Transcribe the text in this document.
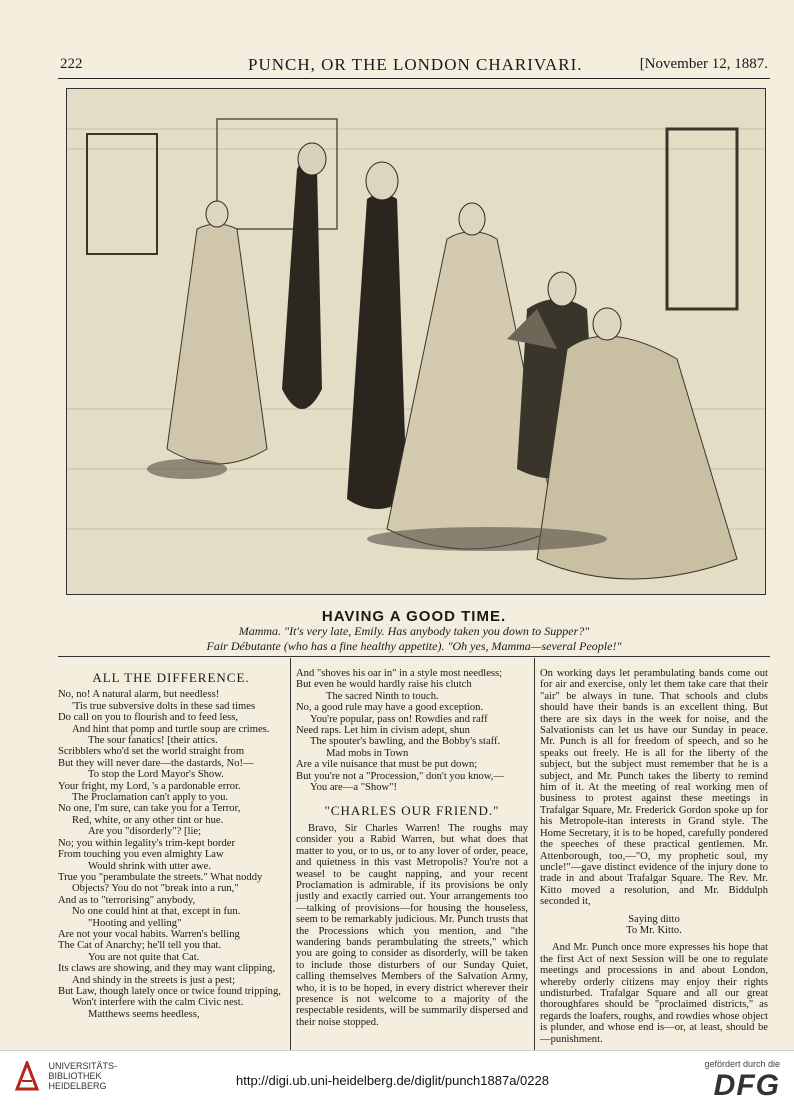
222	PUNCH, OR THE LONDON CHARIVARI.	[November 12, 1887.
HAVING A GOOD TIME.
Mamma. "It's very late, Emily. Has anybody taken you down to Supper?"
Fair Débutante (who has a fine healthy appetite). "Oh yes, Mamma—several People!"

ALL THE DIFFERENCE.

No, no! A natural alarm, but needless!

'Tis true subversive dolts in these sad times

Do call on you to flourish and to feed less,

And hint that pomp and turtle soup are crimes.

The sour fanatics! [their attics.

Scribblers who'd set the world straight from

But they will never dare—the dastards, No!—

To stop the Lord Mayor's Show.

Your fright, my Lord, 's a pardonable error.

The Proclamation can't apply to you.

No one, I'm sure, can take you for a Terror,

Red, white, or any other tint or hue.

Are you "disorderly"? [lie;

No; you within legality's trim-kept border

From touching you even almighty Law

Would shrink with utter awe.

True you "perambulate the streets." What noddy

Objects? You do not "break into a run,"

And as to "terrorising" anybody,

No one could hint at that, except in fun.

"Hooting and yelling"

Are not your vocal habits. Warren's belling

The Cat of Anarchy; he'll tell you that.

You are not quite that Cat.

Its claws are showing, and they may want clipping,

And shindy in the streets is just a pest;

But Law, though lately once or twice found tripping,

Won't interfere with the calm Civic nest.

Matthews seems heedless,

And "shoves his oar in" in a style most needless;

But even he would hardly raise his clutch

The sacred Ninth to touch.

No, a good rule may have a good exception.

You're popular, pass on! Rowdies and raff

Need raps. Let him in civism adept, shun

The spouter's bawling, and the Bobby's staff.

Mad mobs in Town

Are a vile nuisance that must be put down;

But you're not a "Procession," don't you know,—

You are—a "Show"!

"CHARLES OUR FRIEND."

Bravo, Sir Charles Warren! The roughs may consider you a Rabid Warren, but what does that matter to you, or to us, or to any lover of order, peace, and quietness in this vast Metropolis? You're not a weasel to be caught napping, and your recent Proclamation is admirable, if its provisions be only justly and exactly carried out. Your arrangements too—talking of provisions—for housing the houseless, seem to be remarkably judicious. Mr. Punch trusts that the Processions which you mention, and "the wandering bands perambulating the streets," which you are going to consider as disorderly, will be taken to include those disturbers of our Sunday Quiet, calling themselves Members of the Salvation Army, who, it is to be hoped, in every district wherever their presence is not welcome to a majority of the respectable residents, will be summarily dispersed and their noise stopped.

On working days let perambulating bands come out for air and exercise, only let them take care that their "air" be always in tune. That schools and clubs should have their bands is an excellent thing. But there are six days in the week for noise, and the Salvationists can let us have our Sunday in peace. Mr. Punch is all for freedom of speech, and so he speaks out freely. He is all for the liberty of the subject, but the subject must remember that he is a subject, and Mr. Punch takes the liberty to remind him of it. At the meeting of real working men of business to protest against these meetings in Trafalgar Square, Mr. Frederick Gordon spoke up for his Metropole-itan interests in Grand style. The Home Secretary, it is to be hoped, carefully pondered the speeches of these practical gentlemen. Mr. Attenborough, too,—"O, my prophetic soul, my uncle!"—gave distinct evidence of the injury done to trade in and about Trafalgar Square. The Rev. Mr. Kitto moved a resolution, and Mr. Biddulph seconded it,

Saying ditto

To Mr. Kitto.

And Mr. Punch once more expresses his hope that the first Act of next Session will be one to regulate meetings and processions in and about London, whereby orderly citizens may enjoy their rights undisturbed. Trafalgar Square and all our great thoroughfares should be "proclaimed districts," as regards the loafers, roughs, and rowdies whose object is plunder, and whose end is—or, at least, should be—punishment.

UNIVERSITÄTS-
BIBLIOTHEK
HEIDELBERG	http://digi.ub.uni-heidelberg.de/diglit/punch1887a/0228
gefördert durch die
DFG
